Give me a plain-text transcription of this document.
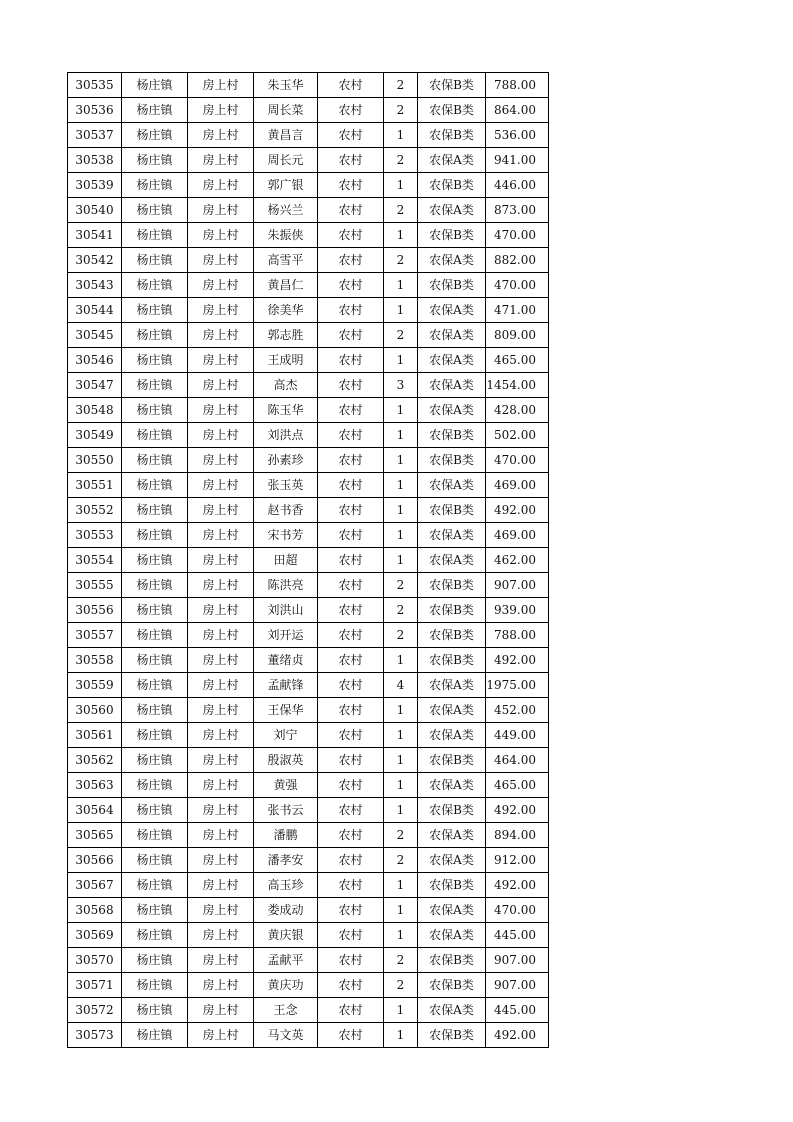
30535	杨庄镇	房上村	朱玉华	农村	2	农保B类	788.00
30536	杨庄镇	房上村	周长菜	农村	2	农保B类	864.00
30537	杨庄镇	房上村	黄昌言	农村	1	农保B类	536.00
30538	杨庄镇	房上村	周长元	农村	2	农保A类	941.00
30539	杨庄镇	房上村	郭广银	农村	1	农保B类	446.00
30540	杨庄镇	房上村	杨兴兰	农村	2	农保A类	873.00
30541	杨庄镇	房上村	朱振侠	农村	1	农保B类	470.00
30542	杨庄镇	房上村	高雪平	农村	2	农保A类	882.00
30543	杨庄镇	房上村	黄昌仁	农村	1	农保B类	470.00
30544	杨庄镇	房上村	徐美华	农村	1	农保A类	471.00
30545	杨庄镇	房上村	郭志胜	农村	2	农保A类	809.00
30546	杨庄镇	房上村	王成明	农村	1	农保A类	465.00
30547	杨庄镇	房上村	高杰	农村	3	农保A类	1454.00
30548	杨庄镇	房上村	陈玉华	农村	1	农保A类	428.00
30549	杨庄镇	房上村	刘洪点	农村	1	农保B类	502.00
30550	杨庄镇	房上村	孙素珍	农村	1	农保B类	470.00
30551	杨庄镇	房上村	张玉英	农村	1	农保A类	469.00
30552	杨庄镇	房上村	赵书香	农村	1	农保B类	492.00
30553	杨庄镇	房上村	宋书芳	农村	1	农保A类	469.00
30554	杨庄镇	房上村	田超	农村	1	农保A类	462.00
30555	杨庄镇	房上村	陈洪亮	农村	2	农保B类	907.00
30556	杨庄镇	房上村	刘洪山	农村	2	农保B类	939.00
30557	杨庄镇	房上村	刘开运	农村	2	农保B类	788.00
30558	杨庄镇	房上村	董绪贞	农村	1	农保B类	492.00
30559	杨庄镇	房上村	孟献锋	农村	4	农保A类	1975.00
30560	杨庄镇	房上村	王保华	农村	1	农保A类	452.00
30561	杨庄镇	房上村	刘宁	农村	1	农保A类	449.00
30562	杨庄镇	房上村	殷淑英	农村	1	农保B类	464.00
30563	杨庄镇	房上村	黄强	农村	1	农保A类	465.00
30564	杨庄镇	房上村	张书云	农村	1	农保B类	492.00
30565	杨庄镇	房上村	潘鹏	农村	2	农保A类	894.00
30566	杨庄镇	房上村	潘孝安	农村	2	农保A类	912.00
30567	杨庄镇	房上村	高玉珍	农村	1	农保B类	492.00
30568	杨庄镇	房上村	娄成动	农村	1	农保A类	470.00
30569	杨庄镇	房上村	黄庆银	农村	1	农保A类	445.00
30570	杨庄镇	房上村	孟献平	农村	2	农保B类	907.00
30571	杨庄镇	房上村	黄庆功	农村	2	农保B类	907.00
30572	杨庄镇	房上村	王念	农村	1	农保A类	445.00
30573	杨庄镇	房上村	马文英	农村	1	农保B类	492.00
